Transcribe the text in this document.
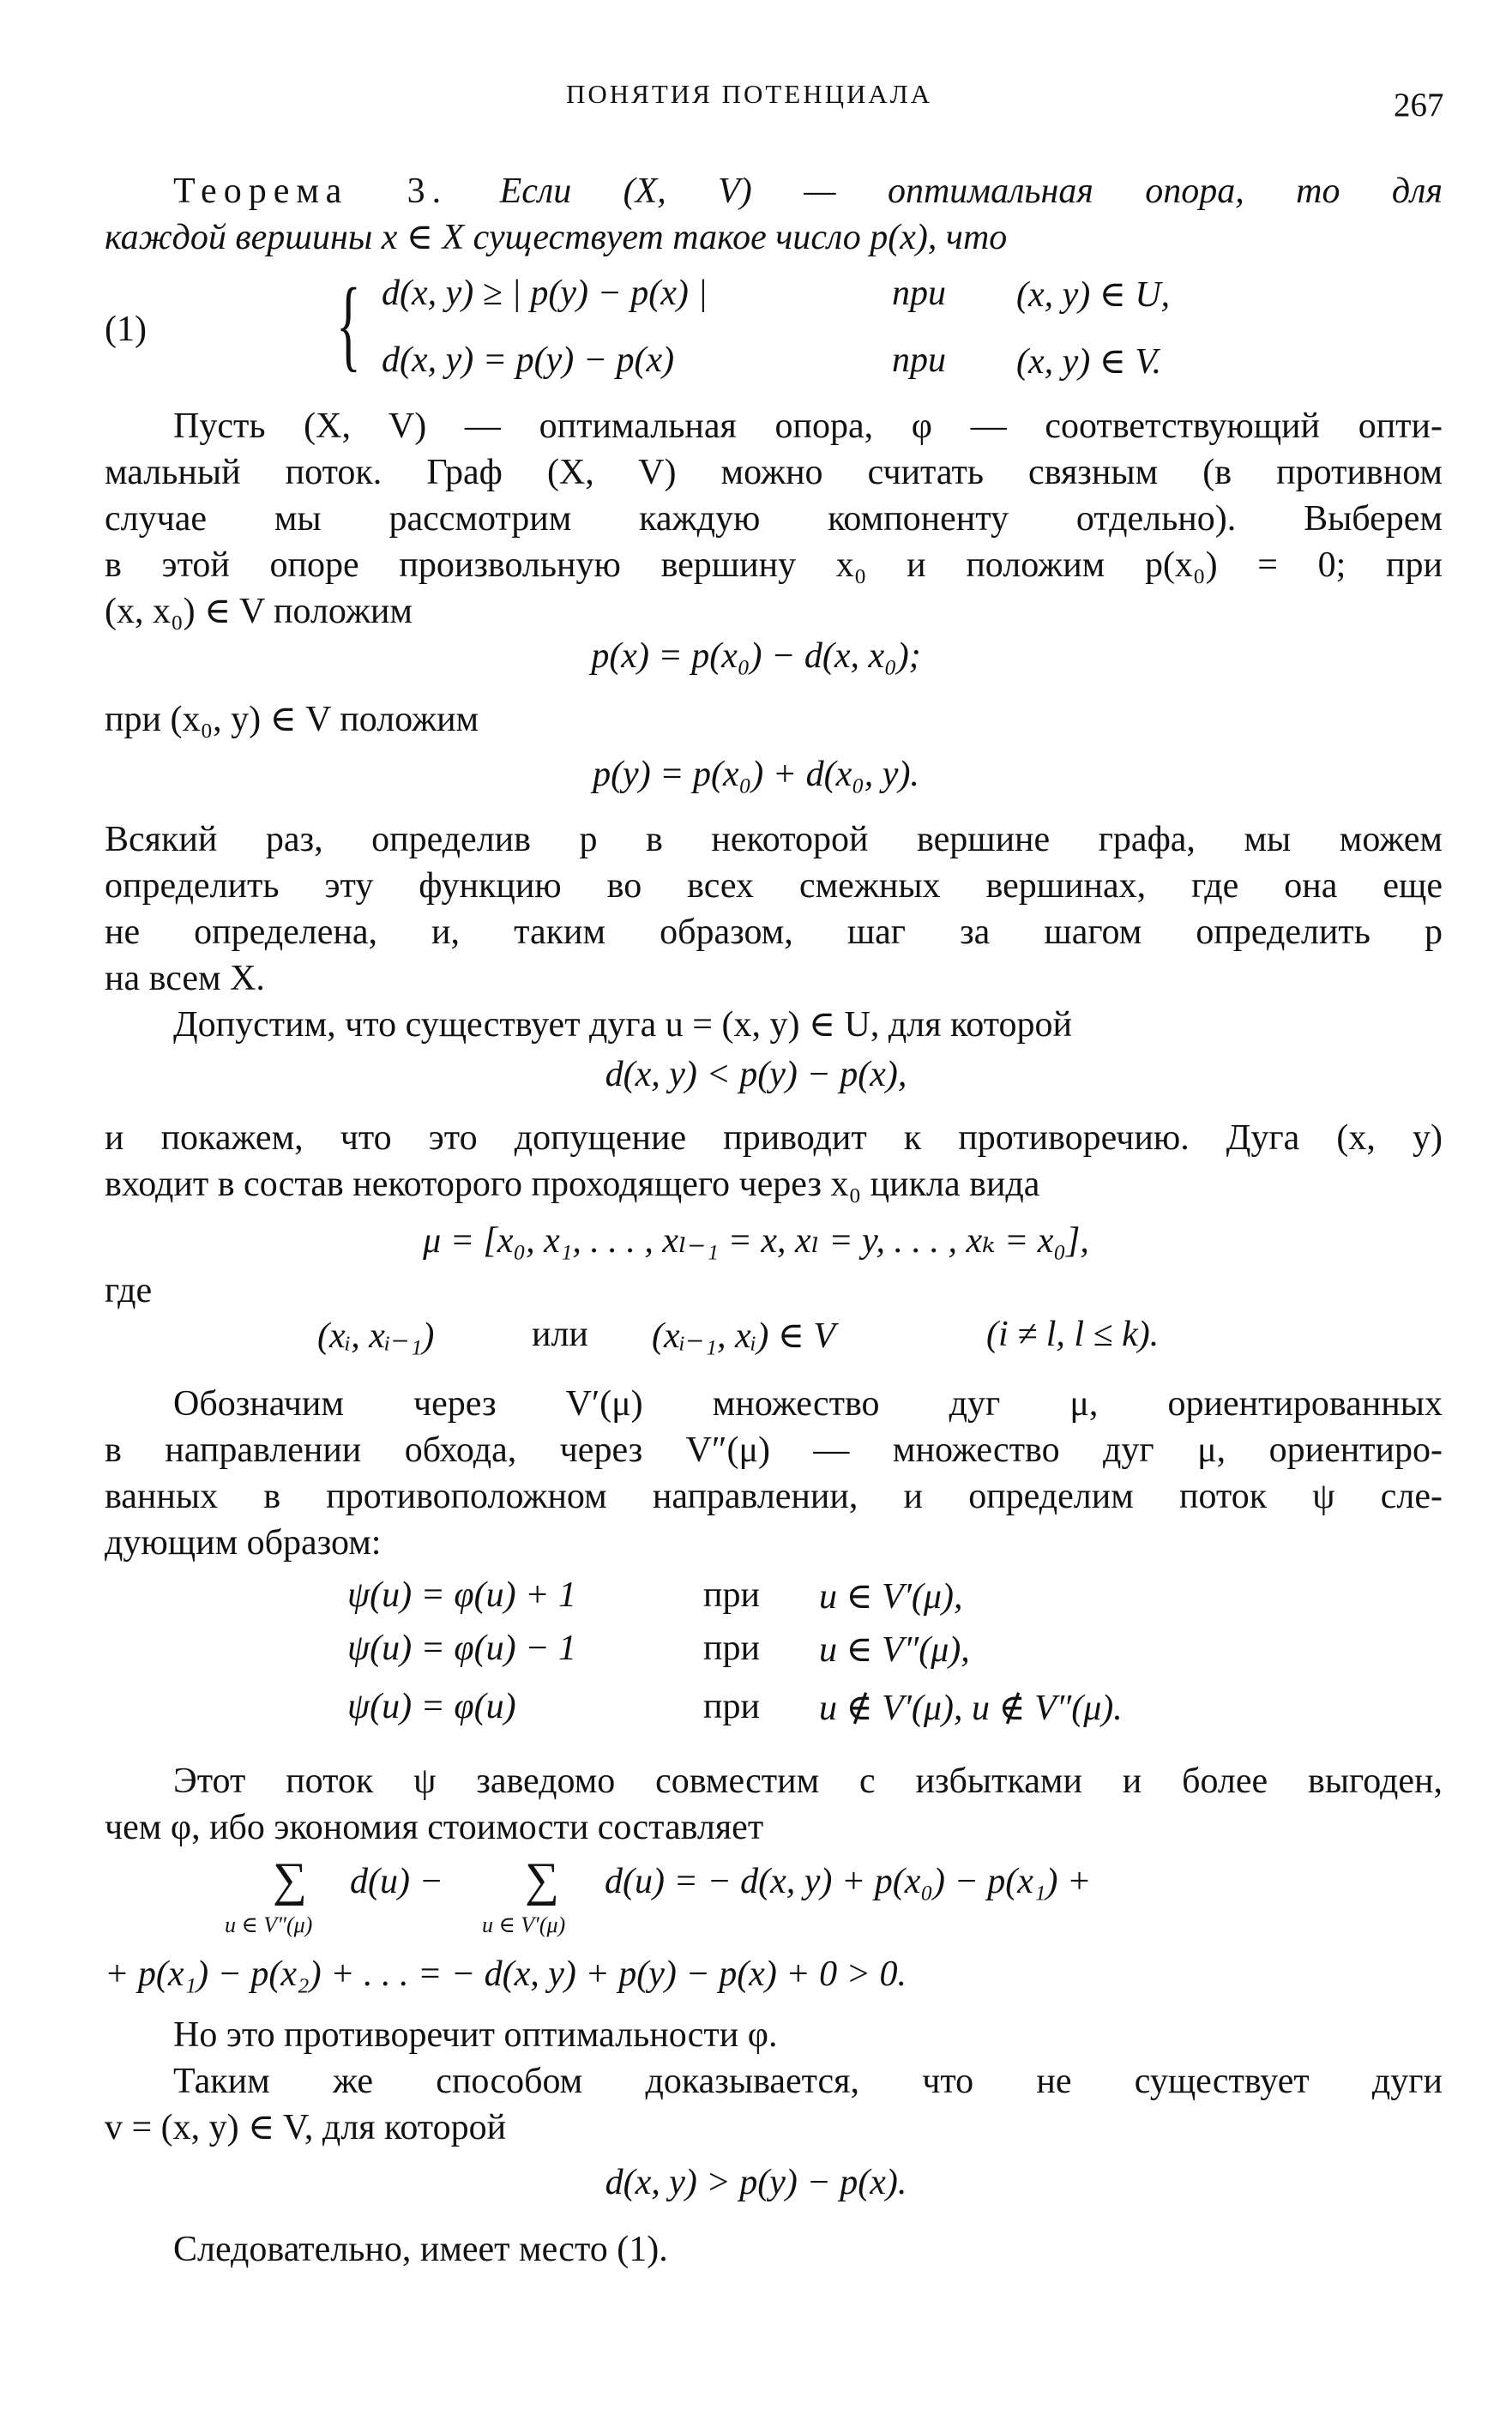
ПОНЯТИЯ ПОТЕНЦИАЛА	267
Теорема 3. Если (X, V) — оптимальная опора, то для
каждой вершины x ∈ X существует такое число p(x), что
(1) { d(x, y) ≥ | p(y) − p(x) |	при (x, y) ∈ U,
d(x, y) = p(y) − p(x)	при (x, y) ∈ V.
Пусть (X, V) — оптимальная опора, φ — соответствующий опти-
мальный поток. Граф (X, V) можно считать связным (в противном
случае мы рассмотрим каждую компоненту отдельно). Выберем
в этой опоре произвольную вершину x₀ и положим p(x₀) = 0; при
(x, x₀) ∈ V положим
p(x) = p(x₀) − d(x, x₀);
при (x₀, y) ∈ V положим
p(y) = p(x₀) + d(x₀, y).
Всякий раз, определив p в некоторой вершине графа, мы можем
определить эту функцию во всех смежных вершинах, где она еще
не определена, и, таким образом, шаг за шагом определить p
на всем X.
Допустим, что существует дуга u = (x, y) ∈ U, для которой
d(x, y) < p(y) − p(x),
и покажем, что это допущение приводит к противоречию. Дуга (x, y)
входит в состав некоторого проходящего через x₀ цикла вида
μ = [x₀, x₁, . . . , xₗ₋₁ = x, xₗ = y, . . . , xₖ = x₀],
где
(xᵢ, xᵢ₋₁)	или (xᵢ₋₁, xᵢ) ∈ V	(i ≠ l, l ≤ k).
Обозначим через V′(μ) множество дуг μ, ориентированных
в направлении обхода, через V″(μ) — множество дуг μ, ориентиро-
ванных в противоположном направлении, и определим поток ψ сле-
дующим образом:
ψ(u) = φ(u) + 1	при u ∈ V′(μ),
ψ(u) = φ(u) − 1	при u ∈ V″(μ),
ψ(u) = φ(u)	при u ∉ V′(μ), u ∉ V″(μ).
Этот поток ψ заведомо совместим с избытками и более выгоден,
чем φ, ибо экономия стоимости составляет
∑ d(u) −
u ∈ V″(μ)
∑ d(u) = − d(x, y) + p(x₀) − p(x₁) +
u ∈ V′(μ)
+ p(x₁) − p(x₂) + . . . = − d(x, y) + p(y) − p(x) + 0 > 0.
Но это противоречит оптимальности φ.
Таким же способом доказывается, что не существует дуги
v = (x, y) ∈ V, для которой
d(x, y) > p(y) − p(x).
Следовательно, имеет место (1).
